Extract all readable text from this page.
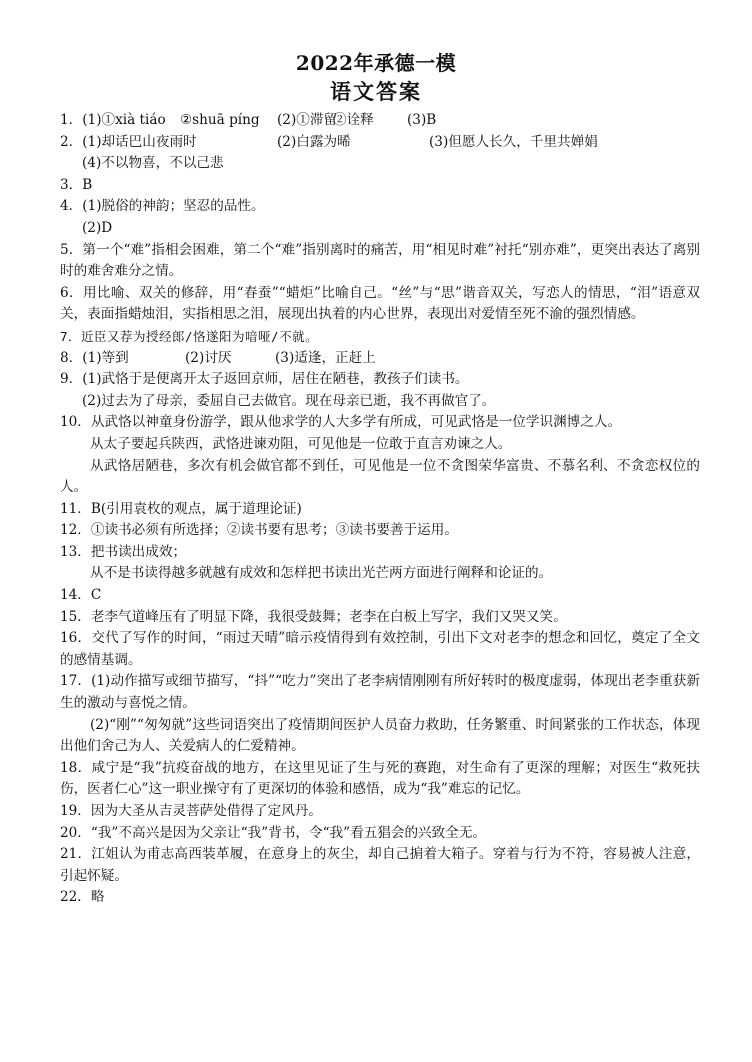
2022年承德一模
语文答案
1．(1)①xià tiáo ②shuā píng (2)①滞留②诠释 (3)B
2．(1)却话巴山夜雨时	(2)白露为晞	(3)但愿人长久，千里共婵娟
(4)不以物喜，不以己悲
3．B
4．(1)脱俗的神韵；坚忍的品性。
(2)D
5．第一个“难”指相会困难，第二个“难”指别离时的痛苦，用“相见时难”衬托“别亦难”，更突出表达了离别时的难舍难分之情。
6．用比喻、双关的修辞，用“春蚕”“蜡炬”比喻自己。“丝”与“思”谐音双关，写恋人的情思，“泪”语意双关，表面指蜡烛泪，实指相思之泪，展现出执着的内心世界，表现出对爱情至死不渝的强烈情感。
7．近臣又荐为授经郎/恪遂阳为喑哑/不就。
8．(1)等到	(2)讨厌	(3)适逢，正赶上
9．(1)武恪于是便离开太子返回京师，居住在陋巷，教孩子们读书。
(2)过去为了母亲，委屈自己去做官。现在母亲已逝，我不再做官了。
10．从武恪以神童身份游学，跟从他求学的人大多学有所成，可见武恪是一位学识渊博之人。
从太子要起兵陕西，武恪进谏劝阻，可见他是一位敢于直言劝谏之人。
从武恪居陋巷，多次有机会做官都不到任，可见他是一位不贪图荣华富贵、不慕名利、不贪恋权位的人。
11．B(引用袁枚的观点，属于道理论证)
12．①读书必须有所选择；②读书要有思考；③读书要善于运用。
13．把书读出成效；
从不是书读得越多就越有成效和怎样把书读出光芒两方面进行阐释和论证的。
14．C
15．老李气道峰压有了明显下降，我很受鼓舞；老李在白板上写字，我们又哭又笑。
16．交代了写作的时间，“雨过天晴”暗示疫情得到有效控制，引出下文对老李的想念和回忆，奠定了全文的感情基调。
17．(1)动作描写或细节描写，“抖”“吃力”突出了老李病情刚刚有所好转时的极度虚弱，体现出老李重获新生的激动与喜悦之情。
(2)“刚”“匆匆就”这些词语突出了疫情期间医护人员奋力救助，任务繁重、时间紧张的工作状态，体现出他们舍己为人、关爱病人的仁爱精神。
18．咸宁是“我”抗疫奋战的地方，在这里见证了生与死的赛跑，对生命有了更深的理解；对医生“救死扶伤，医者仁心”这一职业操守有了更深切的体验和感悟，成为“我”难忘的记忆。
19．因为大圣从吉灵菩萨处借得了定风丹。
20．“我”不高兴是因为父亲让“我”背书，令“我”看五猖会的兴致全无。
21．江姐认为甫志高西装革履，在意身上的灰尘，却自己掮着大箱子。穿着与行为不符，容易被人注意，引起怀疑。
22．略
